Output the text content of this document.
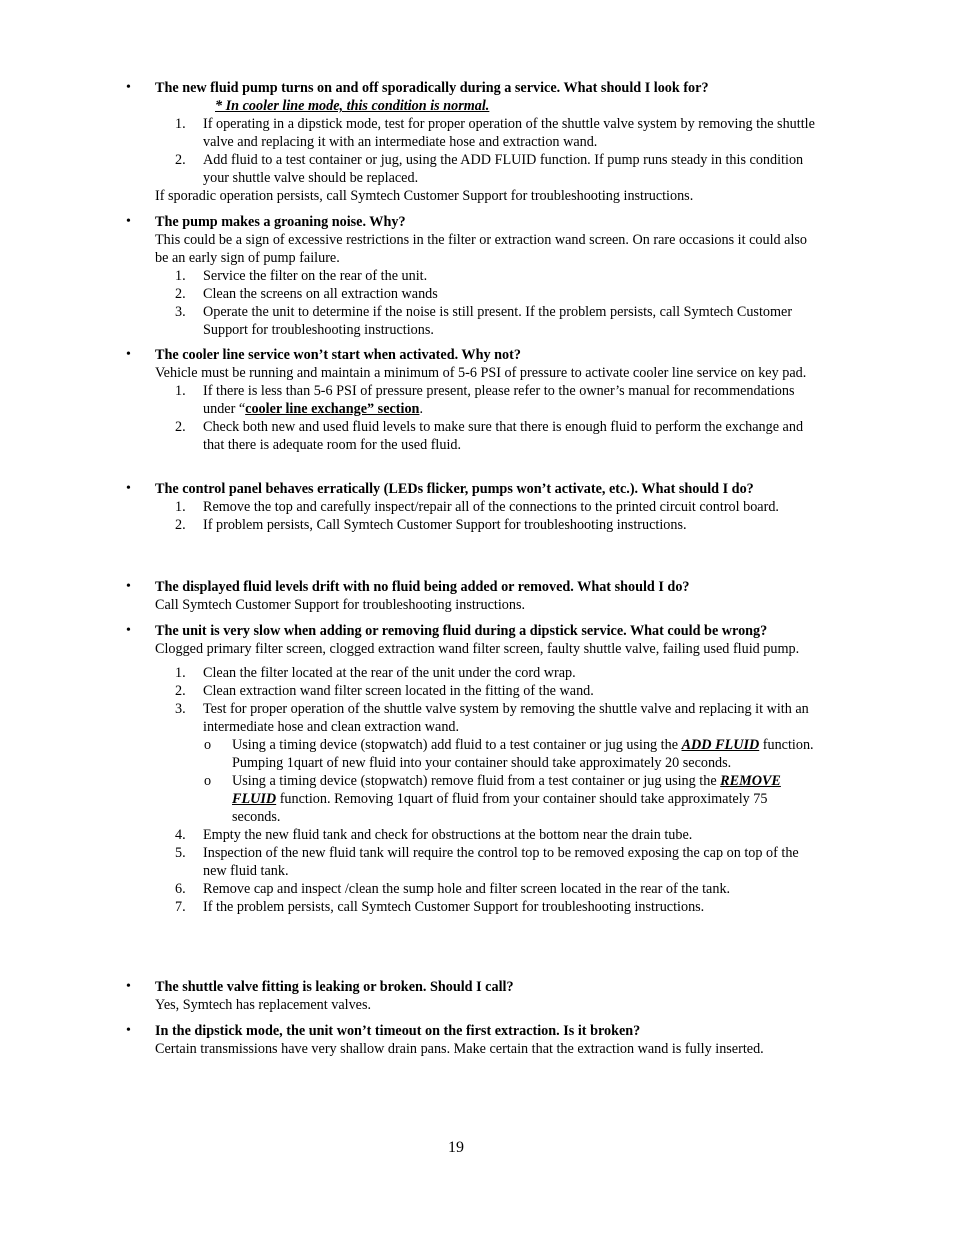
• The new fluid pump turns on and off sporadically during a service. What should I look for?

* In cooler line mode, this condition is normal.

1. If operating in a dipstick mode, test for proper operation of the shuttle valve system by removing the shuttle valve and replacing it with an intermediate hose and extraction wand.
2. Add fluid to a test container or jug, using the ADD FLUID function. If pump runs steady in this condition your shuttle valve should be replaced.

If sporadic operation persists, call Symtech Customer Support for troubleshooting instructions.

• The pump makes a groaning noise. Why?

This could be a sign of excessive restrictions in the filter or extraction wand screen. On rare occasions it could also be an early sign of pump failure.

1. Service the filter on the rear of the unit.
2. Clean the screens on all extraction wands
3. Operate the unit to determine if the noise is still present. If the problem persists, call Symtech Customer Support for troubleshooting instructions.
• The cooler line service won’t start when activated. Why not?

Vehicle must be running and maintain a minimum of 5-6 PSI of pressure to activate cooler line service on key pad.

1. If there is less than 5-6 PSI of pressure present, please refer to the owner’s manual for recommendations under “cooler line exchange” section.
2. Check both new and used fluid levels to make sure that there is enough fluid to perform the exchange and that there is adequate room for the used fluid.
• The control panel behaves erratically (LEDs flicker, pumps won’t activate, etc.). What should I do?

1. Remove the top and carefully inspect/repair all of the connections to the printed circuit control board.
2. If problem persists, Call Symtech Customer Support for troubleshooting instructions.
• The displayed fluid levels drift with no fluid being added or removed. What should I do?

Call Symtech Customer Support for troubleshooting instructions.

• The unit is very slow when adding or removing fluid during a dipstick service. What could be wrong?

Clogged primary filter screen, clogged extraction wand filter screen, faulty shuttle valve, failing used fluid pump.

1. Clean the filter located at the rear of the unit under the cord wrap.
2. Clean extraction wand filter screen located in the fitting of the wand.
3. Test for proper operation of the shuttle valve system by removing the shuttle valve and replacing it with an intermediate hose and clean extraction wand.
o Using a timing device (stopwatch) add fluid to a test container or jug using the ADD FLUID function. Pumping 1quart of new fluid into your container should take approximately 20 seconds.
o Using a timing device (stopwatch) remove fluid from a test container or jug using the REMOVE FLUID function. Removing 1quart of fluid from your container should take approximately 75 seconds.
4. Empty the new fluid tank and check for obstructions at the bottom near the drain tube.
5. Inspection of the new fluid tank will require the control top to be removed exposing the cap on top of the new fluid tank.
6. Remove cap and inspect /clean the sump hole and filter screen located in the rear of the tank.
7. If the problem persists, call Symtech Customer Support for troubleshooting instructions.
• The shuttle valve fitting is leaking or broken. Should I call?

Yes, Symtech has replacement valves.

• In the dipstick mode, the unit won’t timeout on the first extraction. Is it broken?

Certain transmissions have very shallow drain pans. Make certain that the extraction wand is fully inserted.

19
